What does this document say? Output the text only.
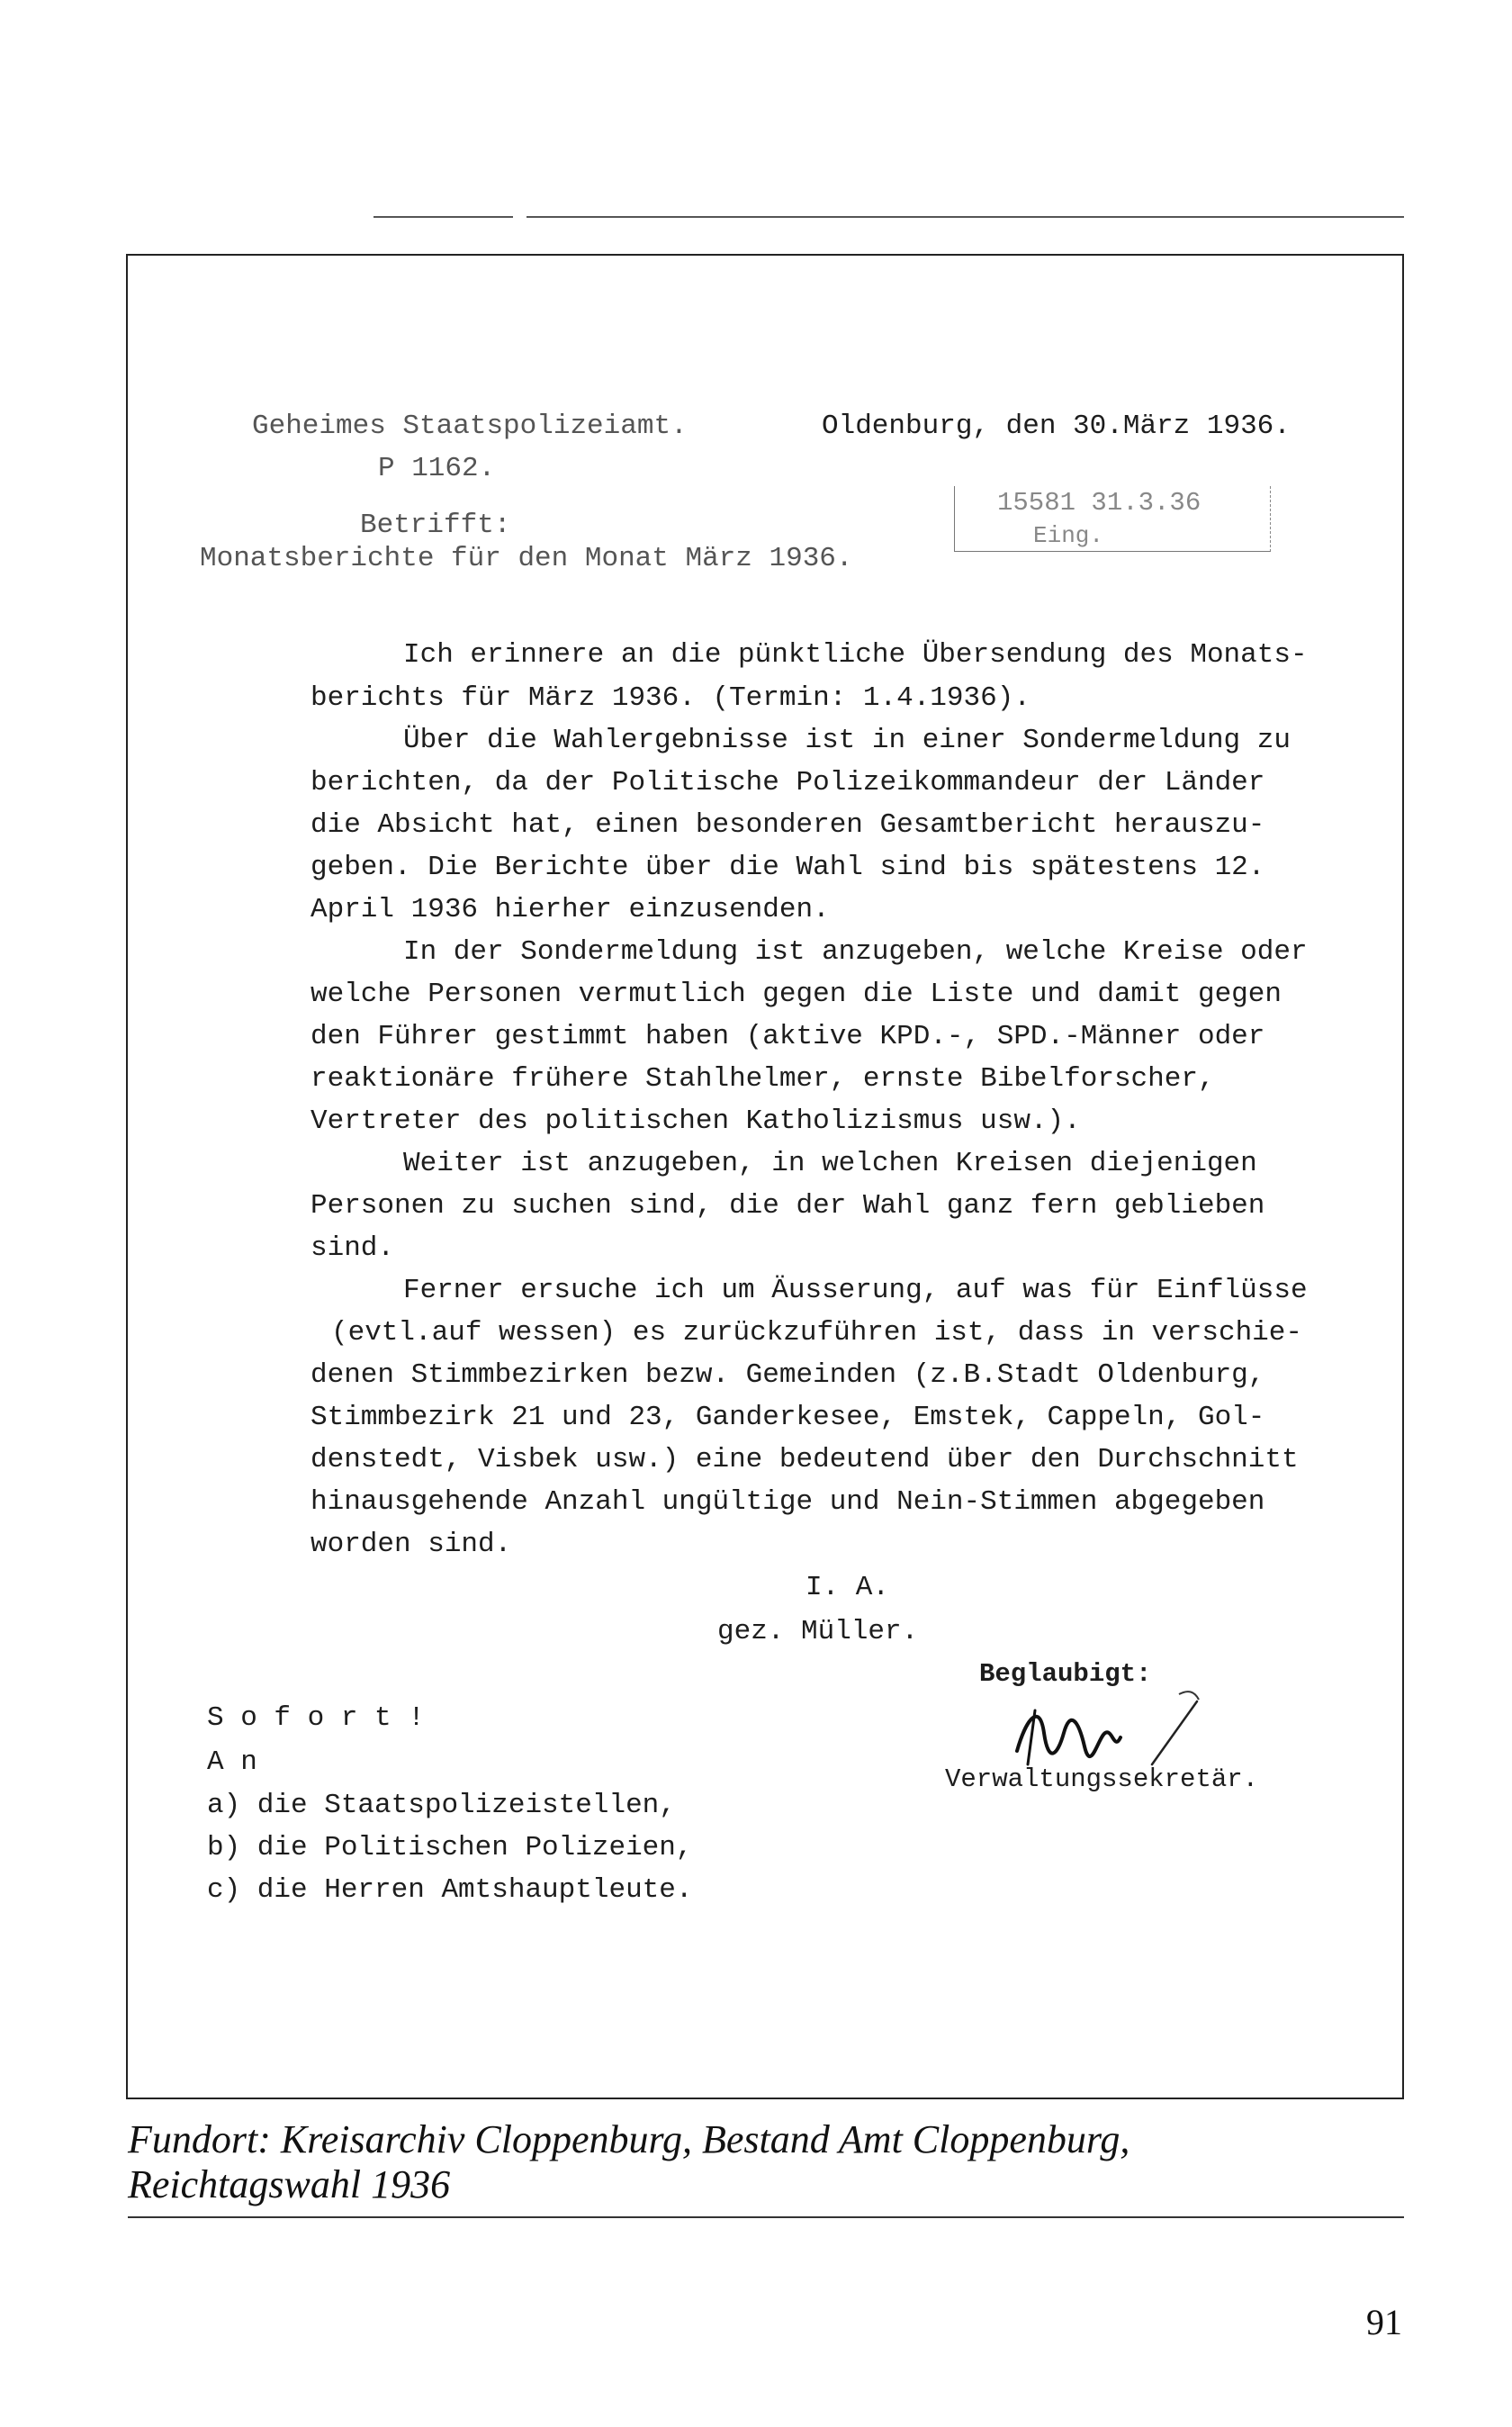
Geheimes Staatspolizeiamt.	Oldenburg, den 30.März 1936.
P 1162.
15581 31.3.36
Eing.
Betrifft:
Monatsberichte für den Monat März 1936.
Ich erinnere an die pünktliche Übersendung des Monats-
berichts für März 1936. (Termin: 1.4.1936).
Über die Wahlergebnisse ist in einer Sondermeldung zu
berichten, da der Politische Polizeikommandeur der Länder
die Absicht hat, einen besonderen Gesamtbericht herauszu-
geben. Die Berichte über die Wahl sind bis spätestens 12.
April 1936 hierher einzusenden.
In der Sondermeldung ist anzugeben, welche Kreise oder
welche Personen vermutlich gegen die Liste und damit gegen
den Führer gestimmt haben (aktive KPD.-, SPD.-Männer oder
reaktionäre frühere Stahlhelmer, ernste Bibelforscher,
Vertreter des politischen Katholizismus usw.).
Weiter ist anzugeben, in welchen Kreisen diejenigen
Personen zu suchen sind, die der Wahl ganz fern geblieben
sind.
Ferner ersuche ich um Äusserung, auf was für Einflüsse
(evtl.auf wessen) es zurückzuführen ist, dass in verschie-
denen Stimmbezirken bezw. Gemeinden (z.B.Stadt Oldenburg,
Stimmbezirk 21 und 23, Ganderkesee, Emstek, Cappeln, Gol-
denstedt, Visbek usw.) eine bedeutend über den Durchschnitt
hinausgehende Anzahl ungültige und Nein-Stimmen abgegeben
worden sind.
I. A.
gez. Müller.
Beglaubigt:
Verwaltungssekretär.
S o f o r t !
A n
a) die Staatspolizeistellen,
b) die Politischen Polizeien,
c) die Herren Amtshauptleute.
Fundort: Kreisarchiv Cloppenburg, Bestand Amt Cloppenburg,
Reichtagswahl 1936
91
